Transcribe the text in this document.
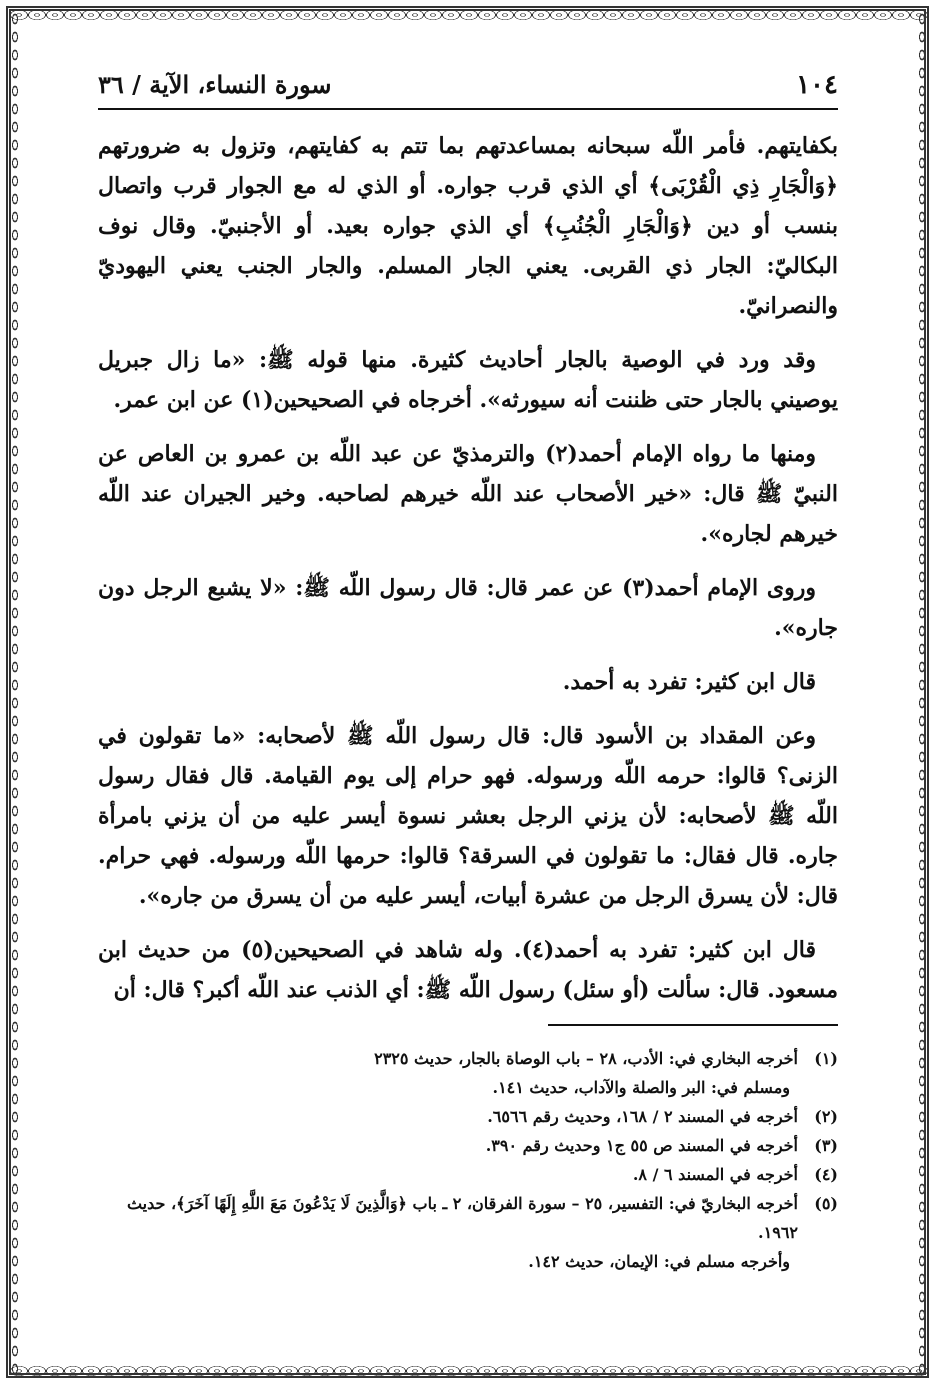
١٠٤
سورة النساء، الآية / ٣٦

بكفايتهم. فأمر اللّه سبحانه بمساعدتهم بما تتم به كفايتهم، وتزول به ضرورتهم ﴿وَالْجَارِ ذِي الْقُرْبَى﴾ أي الذي قرب جواره. أو الذي له مع الجوار قرب واتصال بنسب أو دين ﴿وَالْجَارِ الْجُنُبِ﴾ أي الذي جواره بعيد. أو الأجنبيّ. وقال نوف البكاليّ: الجار ذي القربى. يعني الجار المسلم. والجار الجنب يعني اليهوديّ والنصرانيّ.

وقد ورد في الوصية بالجار أحاديث كثيرة. منها قوله ﷺ: «ما زال جبريل يوصيني بالجار حتى ظننت أنه سيورثه». أخرجاه في الصحيحين(١) عن ابن عمر.

ومنها ما رواه الإمام أحمد(٢) والترمذيّ عن عبد اللّه بن عمرو بن العاص عن النبيّ ﷺ قال: «خير الأصحاب عند اللّه خيرهم لصاحبه. وخير الجيران عند اللّه خيرهم لجاره».

وروى الإمام أحمد(٣) عن عمر قال: قال رسول اللّه ﷺ: «لا يشبع الرجل دون جاره».

قال ابن كثير: تفرد به أحمد.

وعن المقداد بن الأسود قال: قال رسول اللّه ﷺ لأصحابه: «ما تقولون في الزنى؟ قالوا: حرمه اللّه ورسوله. فهو حرام إلى يوم القيامة. قال فقال رسول اللّه ﷺ لأصحابه: لأن يزني الرجل بعشر نسوة أيسر عليه من أن يزني بامرأة جاره. قال فقال: ما تقولون في السرقة؟ قالوا: حرمها اللّه ورسوله. فهي حرام. قال: لأن يسرق الرجل من عشرة أبيات، أيسر عليه من أن يسرق من جاره».

قال ابن كثير: تفرد به أحمد(٤). وله شاهد في الصحيحين(٥) من حديث ابن مسعود. قال: سألت (أو سئل) رسول اللّه ﷺ: أي الذنب عند اللّه أكبر؟ قال: أن

(١)
أخرجه البخاري في: الأدب، ٢٨ – باب الوصاة بالجار، حديث ٢٣٢٥
ومسلم في: البر والصلة والآداب، حديث ١٤١.
(٢)
أخرجه في المسند ٢ / ١٦٨، وحديث رقم ٦٥٦٦.
(٣)
أخرجه في المسند ص ٥٥ ج١ وحديث رقم ٣٩٠.
(٤)
أخرجه في المسند ٦ / ٨.
(٥)
أخرجه البخاريّ في: التفسير، ٢٥ – سورة الفرقان، ٢ ـ باب ﴿وَالَّذِينَ لَا يَدْعُونَ مَعَ اللَّهِ إِلَهًا آخَرَ﴾، حديث ١٩٦٢.
وأخرجه مسلم في: الإيمان، حديث ١٤٢.
